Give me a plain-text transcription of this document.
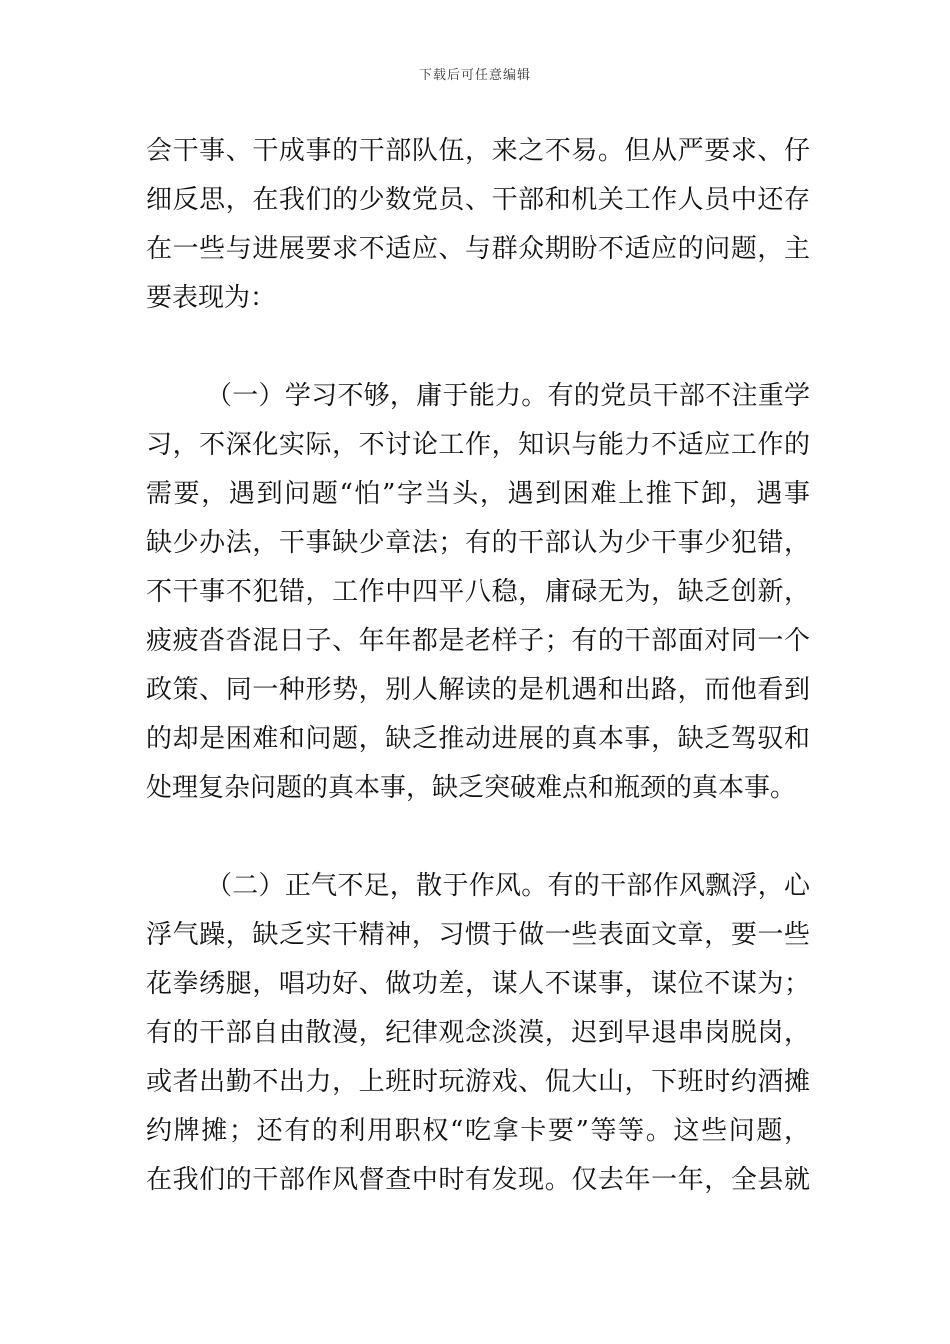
下载后可任意编辑
会干事、干成事的干部队伍，来之不易。但从严要求、仔
细反思，在我们的少数党员、干部和机关工作人员中还存
在一些与进展要求不适应、与群众期盼不适应的问题，主
要表现为：
（一）学习不够，庸于能力。有的党员干部不注重学
习，不深化实际，不讨论工作，知识与能力不适应工作的
需要，遇到问题“怕”字当头，遇到困难上推下卸，遇事
缺少办法，干事缺少章法；有的干部认为少干事少犯错，
不干事不犯错，工作中四平八稳，庸碌无为，缺乏创新，
疲疲沓沓混日子、年年都是老样子；有的干部面对同一个
政策、同一种形势，别人解读的是机遇和出路，而他看到
的却是困难和问题，缺乏推动进展的真本事，缺乏驾驭和
处理复杂问题的真本事，缺乏突破难点和瓶颈的真本事。
（二）正气不足，散于作风。有的干部作风飘浮，心
浮气躁，缺乏实干精神，习惯于做一些表面文章，要一些
花拳绣腿，唱功好、做功差，谋人不谋事，谋位不谋为；
有的干部自由散漫，纪律观念淡漠，迟到早退串岗脱岗，
或者出勤不出力，上班时玩游戏、侃大山，下班时约酒摊
约牌摊；还有的利用职权“吃拿卡要”等等。这些问题，
在我们的干部作风督查中时有发现。仅去年一年，全县就
